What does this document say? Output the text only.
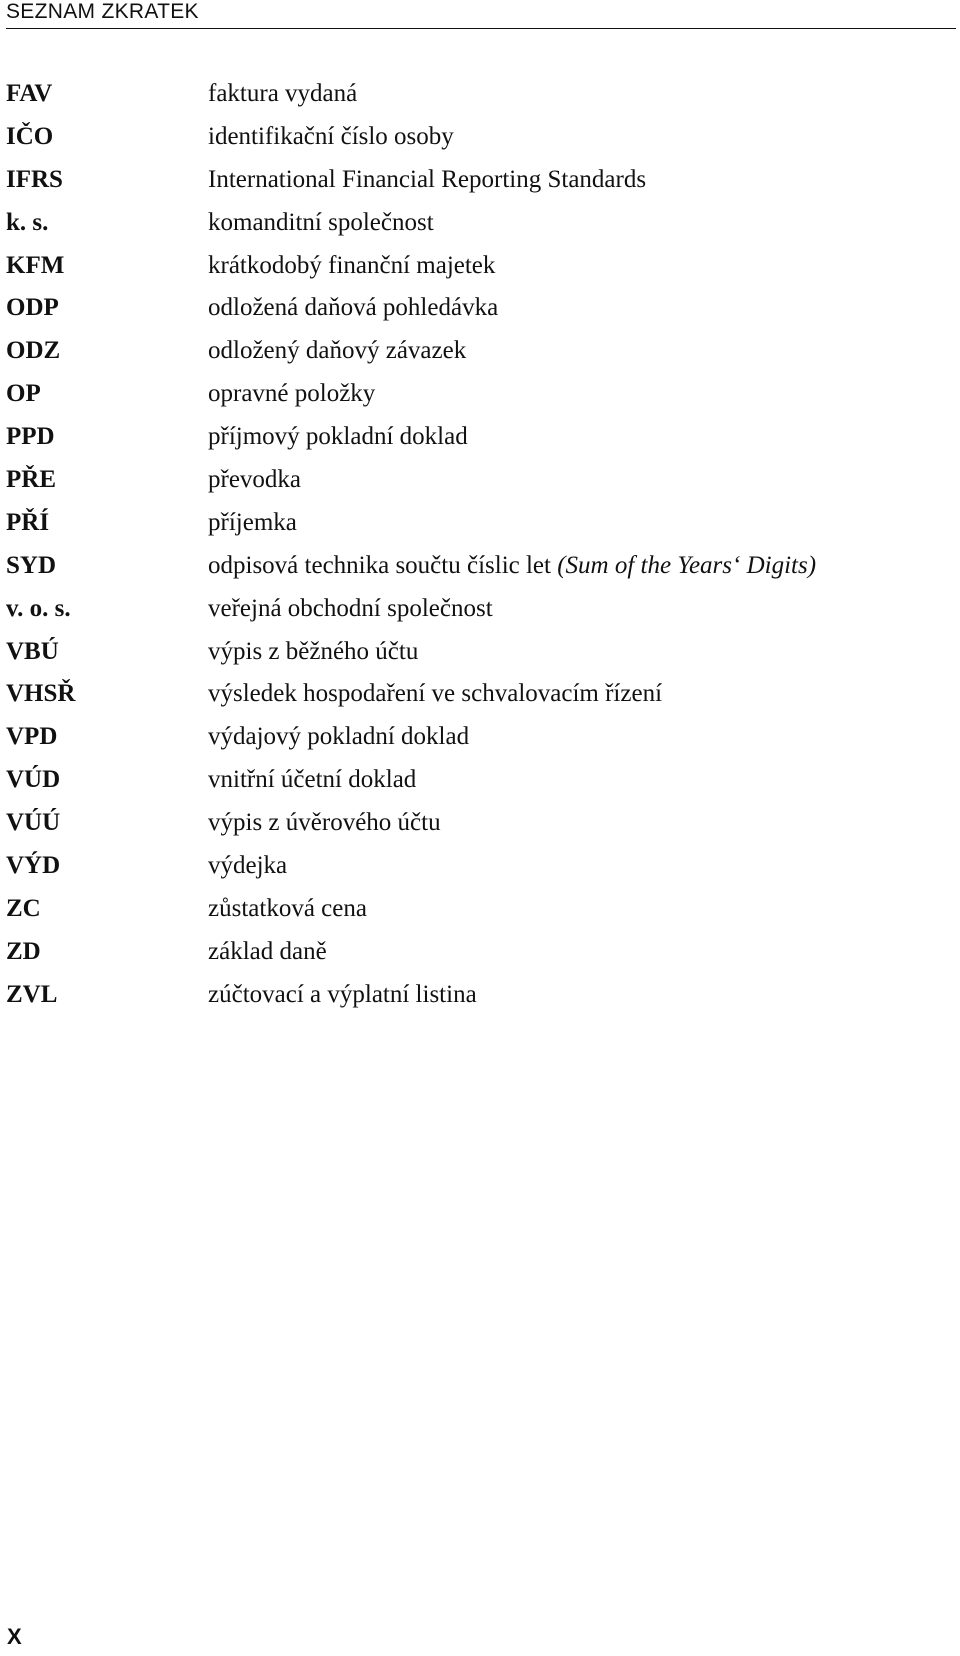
SEZNAM ZKRATEK
FAV	faktura vydaná
IČO	identifikační číslo osoby
IFRS	International Financial Reporting Standards
k. s.	komanditní společnost
KFM	krátkodobý finanční majetek
ODP	odložená daňová pohledávka
ODZ	odložený daňový závazek
OP	opravné položky
PPD	příjmový pokladní doklad
PŘE	převodka
PŘÍ	příjemka
SYD	odpisová technika součtu číslic let (Sum of the Years‘ Digits)
v. o. s.	veřejná obchodní společnost
VBÚ	výpis z běžného účtu
VHSŘ	výsledek hospodaření ve schvalovacím řízení
VPD	výdajový pokladní doklad
VÚD	vnitřní účetní doklad
VÚÚ	výpis z úvěrového účtu
VÝD	výdejka
ZC	zůstatková cena
ZD	základ daně
ZVL	zúčtovací a výplatní listina
X
